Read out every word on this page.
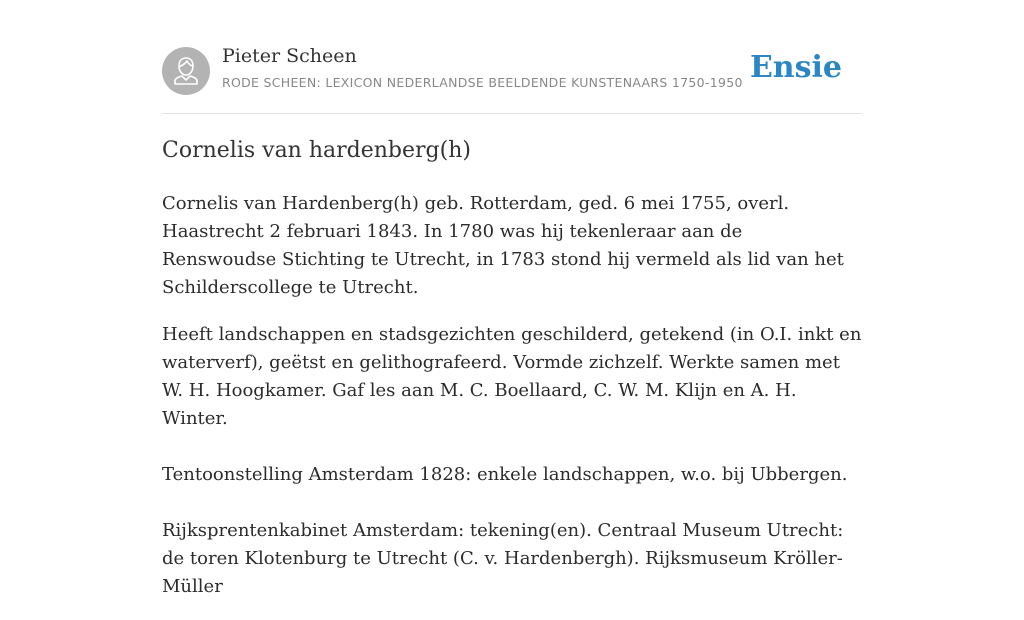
Pieter Scheen
RODE SCHEEN: LEXICON NEDERLANDSE BEELDENDE KUNSTENAARS 1750-1950 Ensie
Cornelis van hardenberg(h)

Cornelis van Hardenberg(h) geb. Rotterdam, ged. 6 mei 1755, overl. Haastrecht 2 februari 1843. In 1780 was hij tekenleraar aan de Renswoudse Stichting te Utrecht, in 1783 stond hij vermeld als lid van het Schilderscollege te Utrecht.

Heeft landschappen en stadsgezichten geschilderd, getekend (in O.I. inkt en waterverf), geëtst en gelithografeerd. Vormde zichzelf. Werkte samen met W. H. Hoogkamer. Gaf les aan M. C. Boellaard, C. W. M. Klijn en A. H. Winter.

Tentoonstelling Amsterdam 1828: enkele landschappen, w.o. bij Ubbergen.

Rijksprentenkabinet Amsterdam: tekening(en). Centraal Museum Utrecht: de toren Klotenburg te Utrecht (C. v. Hardenbergh). Rijksmuseum Kröller-Müller
